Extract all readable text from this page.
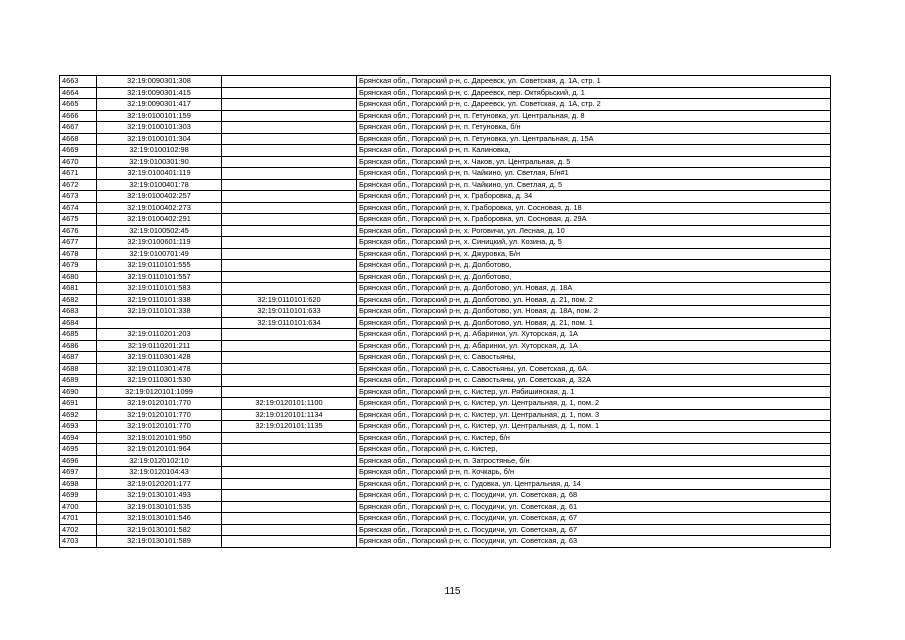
4663	32:19:0090301:308		Брянская обл., Погарский р-н, с. Дареевск, ул. Советская, д. 1А, стр. 1
4664	32:19:0090301:415		Брянская обл., Погарский р-н, с. Дареевск, пер. Октябрьский, д. 1
4665	32:19:0090301:417		Брянская обл., Погарский р-н, с. Дареевск, ул. Советская, д. 1А, стр. 2
4666	32:19:0100101:159		Брянская обл., Погарский р-н, п. Гетуновка, ул. Центральная, д. 8
4667	32:19:0100101:303		Брянская обл., Погарский р-н, п. Гетуновка, б/н
4668	32:19:0100101:304		Брянская обл., Погарский р-н, п. Гетуновка, ул. Центральная, д. 15А
4669	32:19:0100102:98		Брянская обл., Погарский р-н, п. Калиновка,
4670	32:19:0100301:90		Брянская обл., Погарский р-н, х. Чаков, ул. Центральная, д. 5
4671	32:19:0100401:119		Брянская обл., Погарский р-н, п. Чайкино, ул. Светлая, Б/н#1
4672	32:19:0100401:78		Брянская обл., Погарский р-н, п. Чайкино, ул. Светлая, д. 5
4673	32:19:0100402:257		Брянская обл., Погарский р-н, х. Граборовка, д. 34
4674	32:19:0100402:273		Брянская обл., Погарский р-н, х. Граборовка, ул. Сосновая, д. 18
4675	32:19:0100402:291		Брянская обл., Погарский р-н, х. Граборовка, ул. Сосновая, д. 29А
4676	32:19:0100502:45		Брянская обл., Погарский р-н, х. Роговичи, ул. Лесная, д. 10
4677	32:19:0100601:119		Брянская обл., Погарский р-н, х. Синицкий, ул. Козина, д. 5
4678	32:19:0100701:49		Брянская обл., Погарский р-н, х. Джуровка, Б/н
4679	32:19:0110101:555		Брянская обл., Погарский р-н, д. Долботово,
4680	32:19:0110101:557		Брянская обл., Погарский р-н, д. Долботово,
4681	32:19:0110101:583		Брянская обл., Погарский р-н, д. Долботово, ул. Новая, д. 18А
4682	32:19:0110101:338	32:19:0110101:620	Брянская обл., Погарский р-н, д. Долботово, ул. Новая, д. 21, пом. 2
4683	32:19:0110101:338	32:19:0110101:633	Брянская обл., Погарский р-н, д. Долботово, ул. Новая, д. 18А, пом. 2
4684		32:19:0110101:634	Брянская обл., Погарский р-н, д. Долботово, ул. Новая, д. 21, пом. 1
4685	32:19:0110201:203		Брянская обл., Погарский р-н, д. Абаринки, ул. Хуторская, д. 1А
4686	32:19:0110201:211		Брянская обл., Погарский р-н, д. Абаринки, ул. Хуторская, д. 1А
4687	32:19:0110301:428		Брянская обл., Погарский р-н, с. Савостьяны,
4688	32:19:0110301:478		Брянская обл., Погарский р-н, с. Савостьяны, ул. Советская, д. 6А
4689	32:19:0110301:530		Брянская обл., Погарский р-н, с. Савостьяны, ул. Советская, д. 32А
4690	32:19:0120101:1099		Брянская обл., Погарский р-н, с. Кистер, ул. Рябишинская, д. 1
4691	32:19:0120101:770	32:19:0120101:1100	Брянская обл., Погарский р-н, с. Кистер, ул. Центральная, д. 1, пом. 2
4692	32:19:0120101:770	32:19:0120101:1134	Брянская обл., Погарский р-н, с. Кистер, ул. Центральная, д. 1, пом. 3
4693	32:19:0120101:770	32:19:0120101:1135	Брянская обл., Погарский р-н, с. Кистер, ул. Центральная, д. 1, пом. 1
4694	32:19:0120101:950		Брянская обл., Погарский р-н, с. Кистер, б/н
4695	32:19:0120101:964		Брянская обл., Погарский р-н, с. Кистер,
4696	32:19:0120102:10		Брянская обл., Погарский р-н, п. Затростянье, б/н
4697	32:19:0120104:43		Брянская обл., Погарский р-н, п. Кочкарь, б/н
4698	32:19:0120201:177		Брянская обл., Погарский р-н, с. Гудовка, ул. Центральная, д. 14
4699	32:19:0130101:493		Брянская обл., Погарский р-н, с. Посудичи, ул. Советская, д. 68
4700	32:19:0130101:535		Брянская обл., Погарский р-н, с. Посудичи, ул. Советская, д. 61
4701	32:19:0130101:546		Брянская обл., Погарский р-н, с. Посудичи, ул. Советская, д. 67
4702	32:19:0130101:582		Брянская обл., Погарский р-н, с. Посудичи, ул. Советская, д. 67
4703	32:19:0130101:589		Брянская обл., Погарский р-н, с. Посудичи, ул. Советская, д. 63
115
